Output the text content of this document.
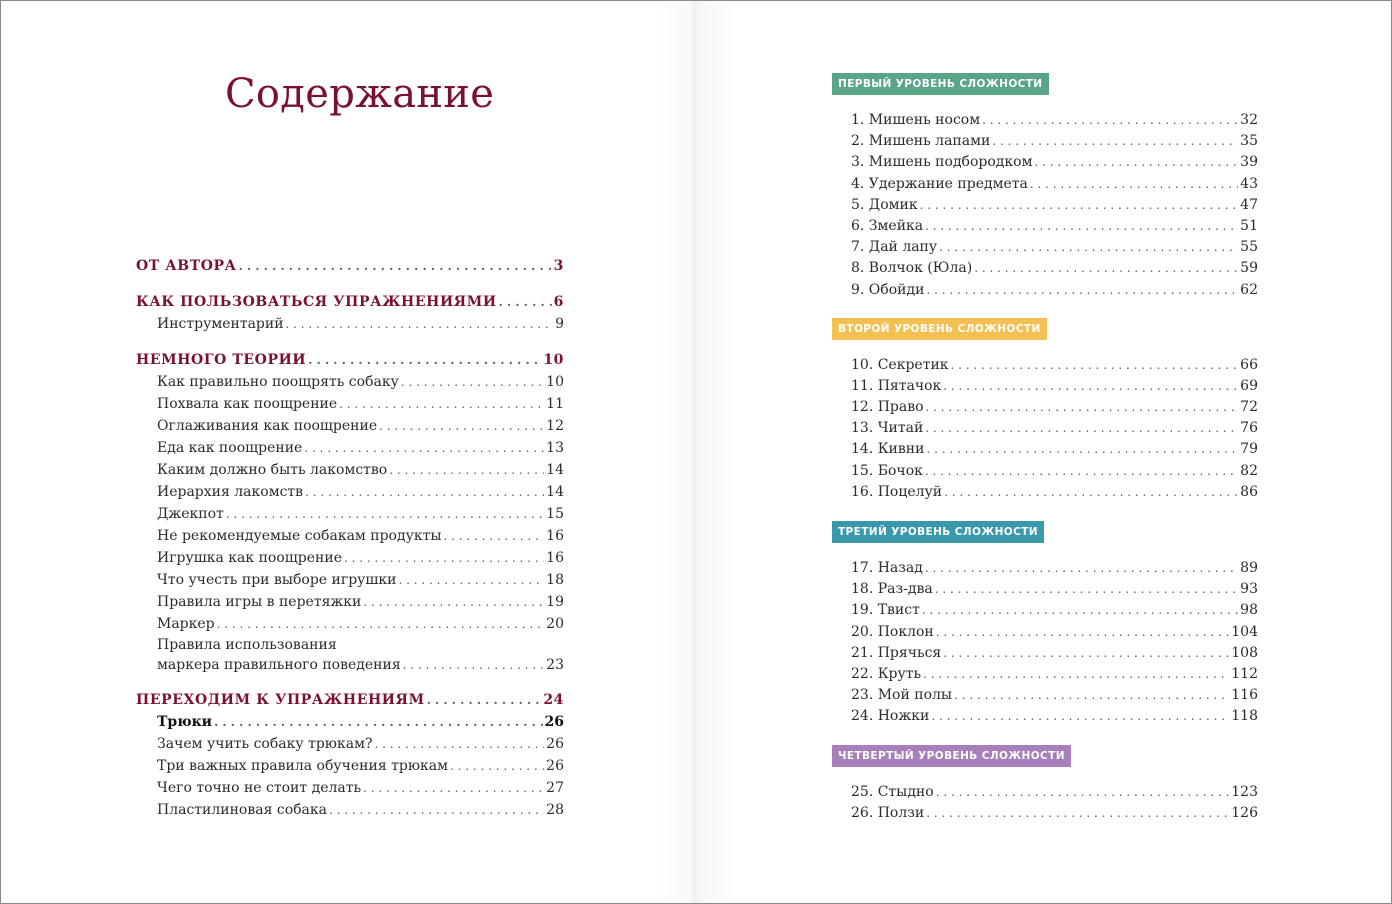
Содержание
ОТ АВТОРА . . .	3
КАК ПОЛЬЗОВАТЬСЯ УПРАЖНЕНИЯМИ . . .	6
Инструментарий . . .	9
НЕМНОГО ТЕОРИИ . . .	10
Как правильно поощрять собаку . . .	10
Похвала как поощрение . . .	11
Оглаживания как поощрение . . .	12
Еда как поощрение . . .	13
Каким должно быть лакомство . . .	14
Иерархия лакомств . . .	14
Джекпот . . .	15
Не рекомендуемые собакам продукты . . .	16
Игрушка как поощрение . . .	16
Что учесть при выборе игрушки . . .	18
Правила игры в перетяжки . . .	19
Маркер . . .	20
Правила использования
маркера правильного поведения . . .	23
ПЕРЕХОДИМ К УПРАЖНЕНИЯМ . . .	24
Трюки . . .	26
Зачем учить собаку трюкам? . . .	26
Три важных правила обучения трюкам . . .	26
Чего точно не стоит делать . . .	27
Пластилиновая собака . . .	28
ПЕРВЫЙ УРОВЕНЬ СЛОЖНОСТИ
1. Мишень носом . . .	32
2. Мишень лапами . . .	35
3. Мишень подбородком . . .	39
4. Удержание предмета . . .	43
5. Домик . . .	47
6. Змейка . . .	51
7. Дай лапу . . .	55
8. Волчок (Юла) . . .	59
9. Обойди . . .	62
ВТОРОЙ УРОВЕНЬ СЛОЖНОСТИ
10. Секретик . . .	66
11. Пятачок . . .	69
12. Право . . .	72
13. Читай . . .	76
14. Кивни . . .	79
15. Бочок . . .	82
16. Поцелуй . . .	86
ТРЕТИЙ УРОВЕНЬ СЛОЖНОСТИ
17. Назад . . .	89
18. Раз-два . . .	93
19. Твист . . .	98
20. Поклон . . .	104
21. Прячься . . .	108
22. Круть . . .	112
23. Мой полы . . .	116
24. Ножки . . .	118
ЧЕТВЕРТЫЙ УРОВЕНЬ СЛОЖНОСТИ
25. Стыдно . . .	123
26. Ползи . . .	126
